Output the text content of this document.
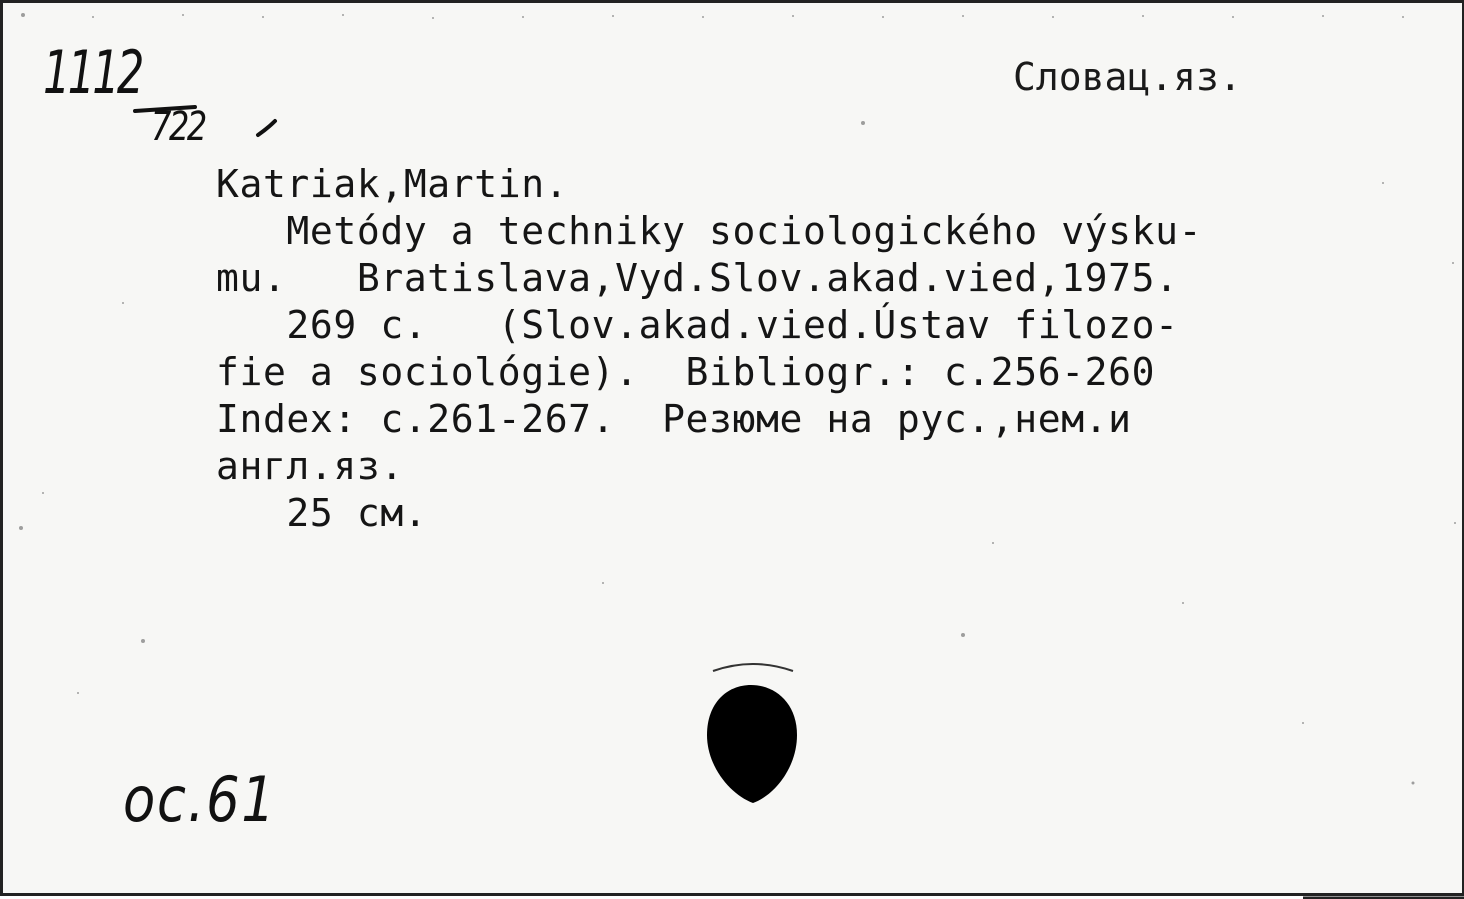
1112
722
Словац.яз.
Katriak,Martin.
Metódy a techniky sociologického výsku-
mu.   Bratislava,Vyd.Slov.akad.vied,1975.
269 c.   (Slov.akad.vied.Ústav filozo-
fie a sociológie).  Bibliogr.: c.256-260
Index: c.261-267.  Резюме на рус.,нем.и
англ.яз.
25 см.
ос.61
